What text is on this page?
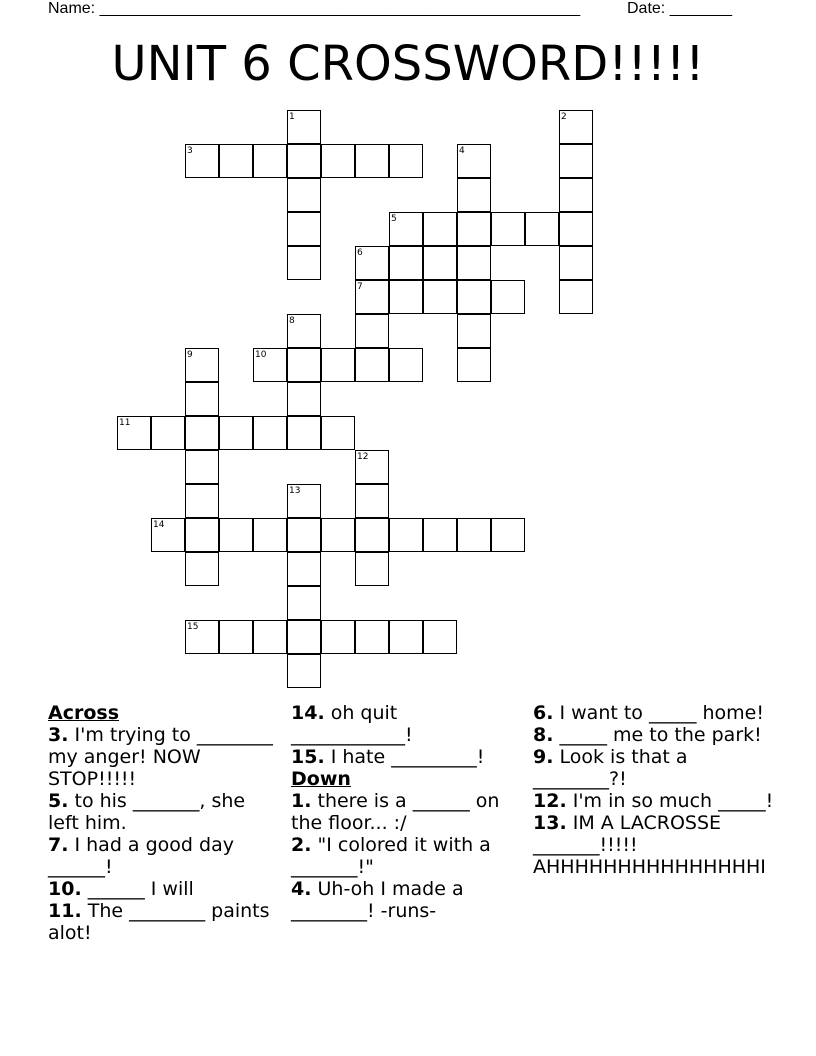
Name: ______________________________________________________	Date: _______
UNIT 6 CROSSWORD!!!!!
1	2
3	4
5
6
7
8
9	10
11
12
13
14
15

Across

3. I'm trying to ________ my anger! NOW STOP!!!!!

5. to his _______, she left him.

7. I had a good day ______!

10. ______ I will

11. The ________ paints alot!

14. oh quit ____________!

15. I hate _________!

Down

1. there is a ______ on the floor... :/

2. "I colored it with a _______!"

4. Uh-oh I made a ________! -runs-

6. I want to _____ home!

8. _____ me to the park!

9. Look is that a ________?!

12. I'm in so much _____!

13. IM A LACROSSE _______!!!!! AHHHHHHHHHHHHHHHI
